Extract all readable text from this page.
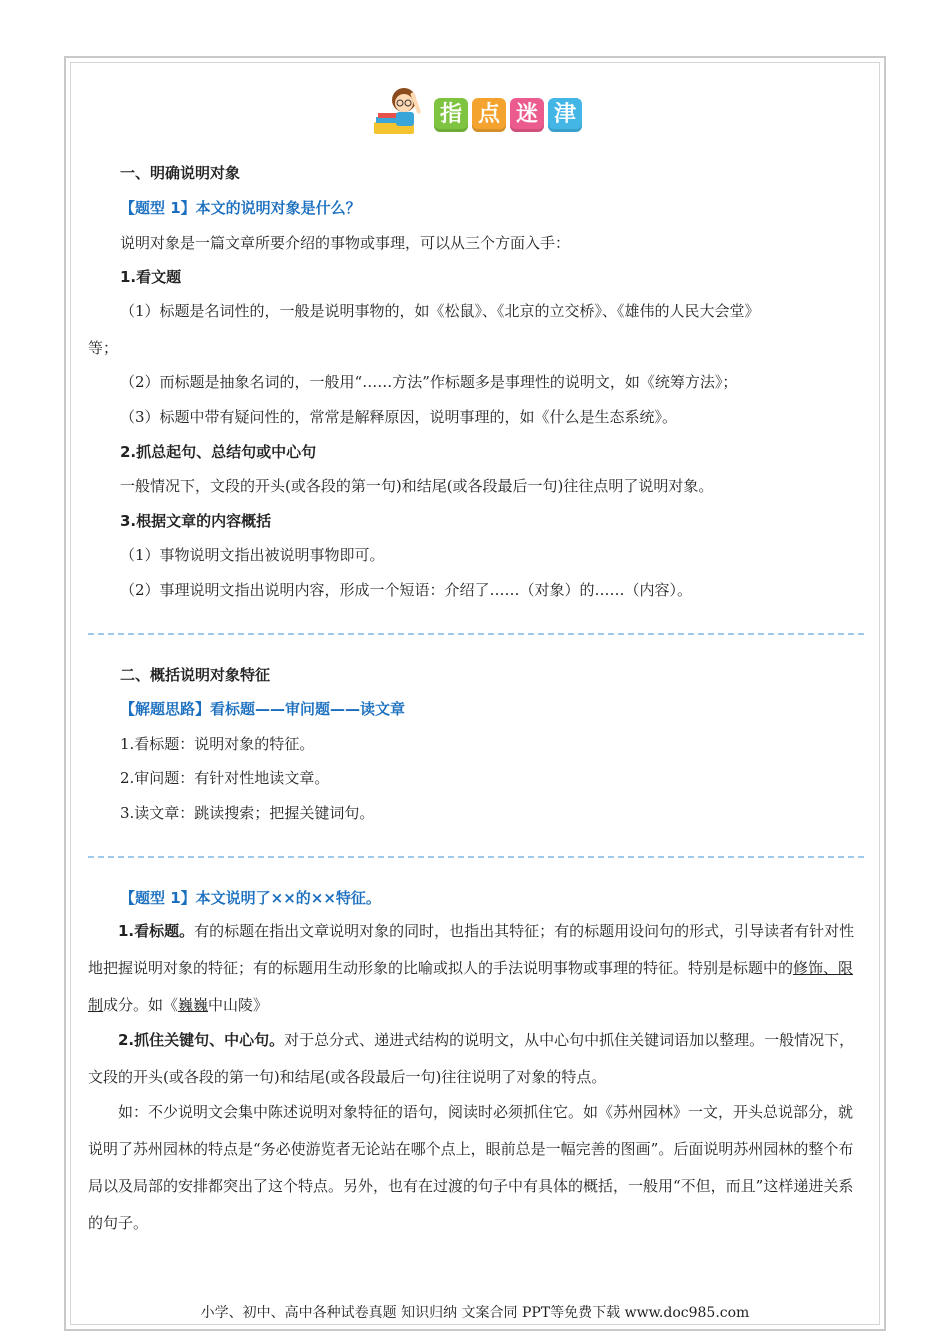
指 点 迷 津
一、明确说明对象
【题型 1】本文的说明对象是什么？
说明对象是一篇文章所要介绍的事物或事理，可以从三个方面入手：
1.看文题
（1）标题是名词性的，一般是说明事物的，如《松鼠》、《北京的立交桥》、《雄伟的人民大会堂》
等；
（2）而标题是抽象名词的，一般用“……方法”作标题多是事理性的说明文，如《统筹方法》；
（3）标题中带有疑问性的，常常是解释原因，说明事理的，如《什么是生态系统》。
2.抓总起句、总结句或中心句
一般情况下，文段的开头(或各段的第一句)和结尾(或各段最后一句)往往点明了说明对象。
3.根据文章的内容概括
（1）事物说明文指出被说明事物即可。
（2）事理说明文指出说明内容，形成一个短语：介绍了……（对象）的……（内容）。
二、概括说明对象特征
【解题思路】看标题——审问题——读文章
1.看标题：说明对象的特征。
2.审问题：有针对性地读文章。
3.读文章：跳读搜索；把握关键词句。
【题型 1】本文说明了××的××特征。
1.看标题。有的标题在指出文章说明对象的同时，也指出其特征；有的标题用设问句的形式，引导读者有针对性地把握说明对象的特征；有的标题用生动形象的比喻或拟人的手法说明事物或事理的特征。特别是标题中的修饰、限制成分。如《巍巍中山陵》
2.抓住关键句、中心句。对于总分式、递进式结构的说明文，从中心句中抓住关键词语加以整理。一般情况下，文段的开头(或各段的第一句)和结尾(或各段最后一句)往往说明了对象的特点。
如：不少说明文会集中陈述说明对象特征的语句，阅读时必须抓住它。如《苏州园林》一文，开头总说部分，就说明了苏州园林的特点是“务必使游览者无论站在哪个点上，眼前总是一幅完善的图画”。后面说明苏州园林的整个布局以及局部的安排都突出了这个特点。另外，也有在过渡的句子中有具体的概括，一般用“不但，而且”这样递进关系的句子。
小学、初中、高中各种试卷真题 知识归纳 文案合同 PPT等免费下载 www.doc985.com
